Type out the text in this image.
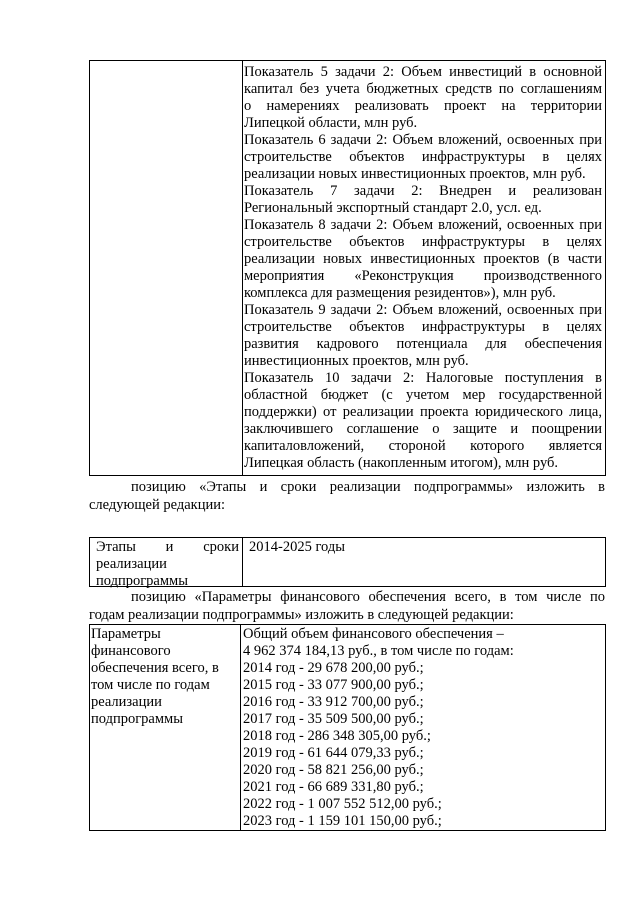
Показатель 5 задачи 2: Объем инвестиций в основной
капитал без учета бюджетных средств по соглашениям
о намерениях реализовать проект на территории
Липецкой области, млн руб.
Показатель 6 задачи 2: Объем вложений, освоенных при
строительстве объектов инфраструктуры в целях
реализации новых инвестиционных проектов, млн руб.
Показатель 7 задачи 2: Внедрен и реализован
Региональный экспортный стандарт 2.0, усл. ед.
Показатель 8 задачи 2: Объем вложений, освоенных при
строительстве объектов инфраструктуры в целях
реализации новых инвестиционных проектов (в части
мероприятия «Реконструкция производственного
комплекса для размещения резидентов»), млн руб.
Показатель 9 задачи 2: Объем вложений, освоенных при
строительстве объектов инфраструктуры в целях
развития кадрового потенциала для обеспечения
инвестиционных проектов, млн руб.
Показатель 10 задачи 2: Налоговые поступления в
областной бюджет (с учетом мер государственной
поддержки) от реализации проекта юридического лица,
заключившего соглашение о защите и поощрении
капиталовложений, стороной которого является
Липецкая область (накопленным итогом), млн руб.
позицию «Этапы и сроки реализации подпрограммы» изложить в
следующей редакции:
Этапы и сроки
реализации
подпрограммы
2014-2025 годы
позицию «Параметры финансового обеспечения всего, в том числе по
годам реализации подпрограммы» изложить в следующей редакции:
Параметры
финансового
обеспечения всего, в
том числе по годам
реализации
подпрограммы
Общий объем финансового обеспечения –
4 962 374 184,13 руб., в том числе по годам:
2014 год - 29 678 200,00 руб.;
2015 год - 33 077 900,00 руб.;
2016 год - 33 912 700,00 руб.;
2017 год - 35 509 500,00 руб.;
2018 год - 286 348 305,00 руб.;
2019 год - 61 644 079,33 руб.;
2020 год - 58 821 256,00 руб.;
2021 год - 66 689 331,80 руб.;
2022 год - 1 007 552 512,00 руб.;
2023 год - 1 159 101 150,00 руб.;
